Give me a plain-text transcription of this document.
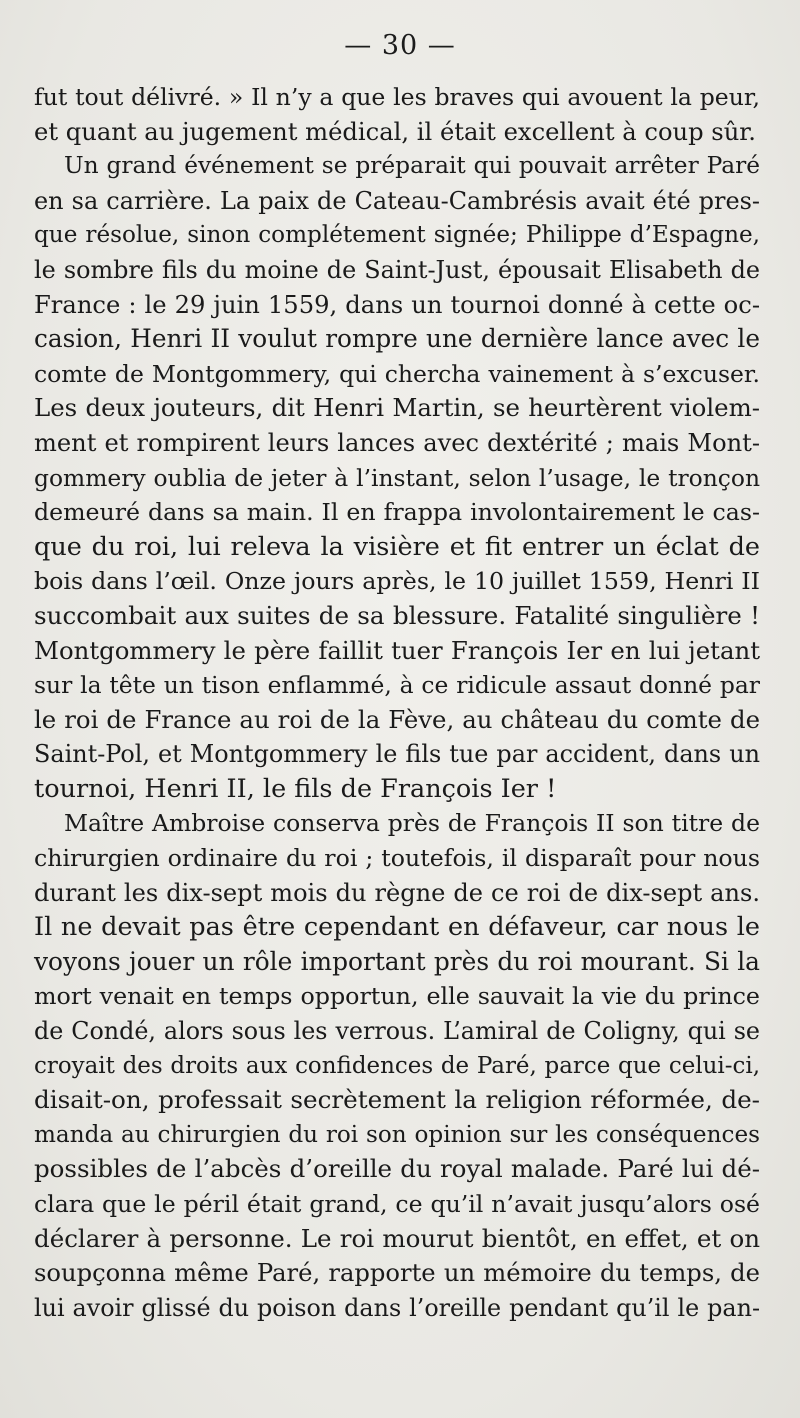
— 30 —
fut tout délivré. » Il n’y a que les braves qui avouent la peur,
et quant au jugement médical, il était excellent à coup sûr.
Un grand événement se préparait qui pouvait arrêter Paré
en sa carrière. La paix de Cateau-Cambrésis avait été pres-
que résolue, sinon complétement signée; Philippe d’Espagne,
le sombre fils du moine de Saint-Just, épousait Elisabeth de
France : le 29 juin 1559, dans un tournoi donné à cette oc-
casion, Henri II voulut rompre une dernière lance avec le
comte de Montgommery, qui chercha vainement à s’excuser.
Les deux jouteurs, dit Henri Martin, se heurtèrent violem-
ment et rompirent leurs lances avec dextérité ; mais Mont-
gommery oublia de jeter à l’instant, selon l’usage, le tronçon
demeuré dans sa main. Il en frappa involontairement le cas-
que du roi, lui releva la visière et fit entrer un éclat de
bois dans l’œil. Onze jours après, le 10 juillet 1559, Henri II
succombait aux suites de sa blessure. Fatalité singulière !
Montgommery le père faillit tuer François Ier en lui jetant
sur la tête un tison enflammé, à ce ridicule assaut donné par
le roi de France au roi de la Fève, au château du comte de
Saint-Pol, et Montgommery le fils tue par accident, dans un
tournoi, Henri II, le fils de François Ier !
Maître Ambroise conserva près de François II son titre de
chirurgien ordinaire du roi ; toutefois, il disparaît pour nous
durant les dix-sept mois du règne de ce roi de dix-sept ans.
Il ne devait pas être cependant en défaveur, car nous le
voyons jouer un rôle important près du roi mourant. Si la
mort venait en temps opportun, elle sauvait la vie du prince
de Condé, alors sous les verrous. L’amiral de Coligny, qui se
croyait des droits aux confidences de Paré, parce que celui-ci,
disait-on, professait secrètement la religion réformée, de-
manda au chirurgien du roi son opinion sur les conséquences
possibles de l’abcès d’oreille du royal malade. Paré lui dé-
clara que le péril était grand, ce qu’il n’avait jusqu’alors osé
déclarer à personne. Le roi mourut bientôt, en effet, et on
soupçonna même Paré, rapporte un mémoire du temps, de
lui avoir glissé du poison dans l’oreille pendant qu’il le pan-
